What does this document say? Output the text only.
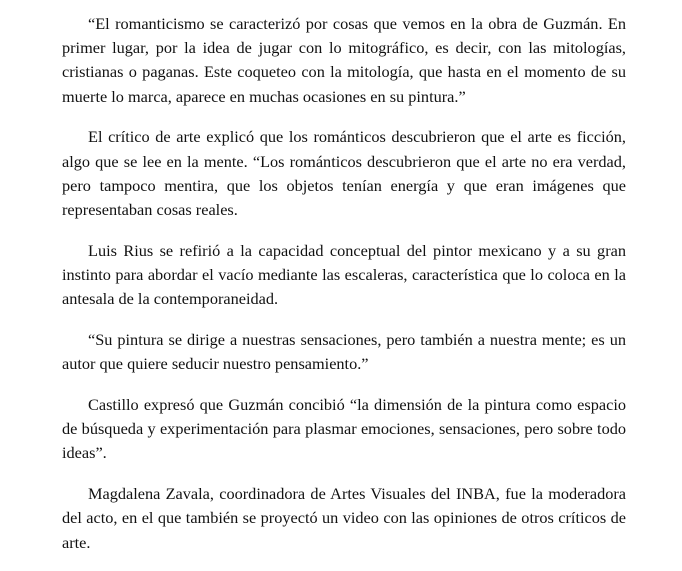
“El romanticismo se caracterizó por cosas que vemos en la obra de Guzmán. En primer lugar, por la idea de jugar con lo mitográfico, es decir, con las mitologías, cristianas o paganas. Este coqueteo con la mitología, que hasta en el momento de su muerte lo marca, aparece en muchas ocasiones en su pintura.”

El crítico de arte explicó que los románticos descubrieron que el arte es ficción, algo que se lee en la mente. “Los románticos descubrieron que el arte no era verdad, pero tampoco mentira, que los objetos tenían energía y que eran imágenes que representaban cosas reales.

Luis Rius se refirió a la capacidad conceptual del pintor mexicano y a su gran instinto para abordar el vacío mediante las escaleras, característica que lo coloca en la antesala de la contemporaneidad.

“Su pintura se dirige a nuestras sensaciones, pero también a nuestra mente; es un autor que quiere seducir nuestro pensamiento.”

Castillo expresó que Guzmán concibió “la dimensión de la pintura como espacio de búsqueda y experimentación para plasmar emociones, sensaciones, pero sobre todo ideas”.

Magdalena Zavala, coordinadora de Artes Visuales del INBA, fue la moderadora del acto, en el que también se proyectó un video con las opiniones de otros críticos de arte.
